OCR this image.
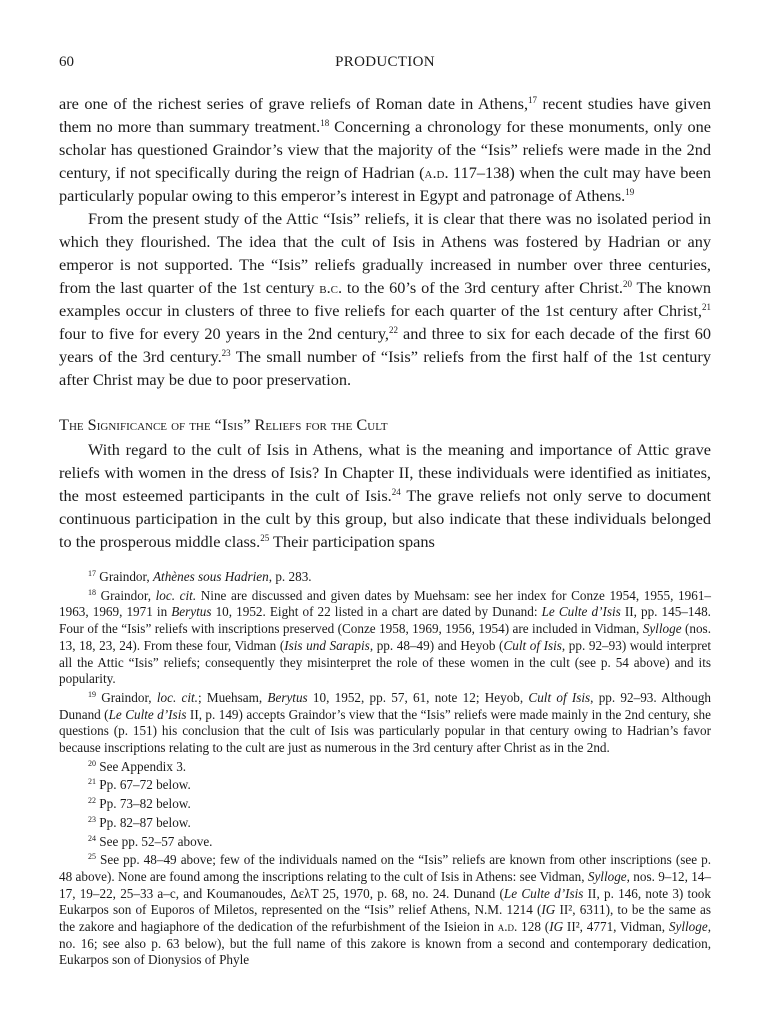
60	PRODUCTION

are one of the richest series of grave reliefs of Roman date in Athens,$^{17}$ recent studies have given them no more than summary treatment.$^{18}$ Concerning a chronology for these monuments, only one scholar has questioned Graindor’s view that the majority of the “Isis” reliefs were made in the 2nd century, if not specifically during the reign of Hadrian (a.d. 117–138) when the cult may have been particularly popular owing to this emperor’s interest in Egypt and patronage of Athens.$^{19}$

From the present study of the Attic “Isis” reliefs, it is clear that there was no isolated period in which they flourished. The idea that the cult of Isis in Athens was fostered by Hadrian or any emperor is not supported. The “Isis” reliefs gradually increased in number over three centuries, from the last quarter of the 1st century b.c. to the 60’s of the 3rd century after Christ.$^{20}$ The known examples occur in clusters of three to five reliefs for each quarter of the 1st century after Christ,$^{21}$ four to five for every 20 years in the 2nd century,$^{22}$ and three to six for each decade of the first 60 years of the 3rd century.$^{23}$ The small number of “Isis” reliefs from the first half of the 1st century after Christ may be due to poor preservation.

The Significance of the “Isis” Reliefs for the Cult

With regard to the cult of Isis in Athens, what is the meaning and importance of Attic grave reliefs with women in the dress of Isis? In Chapter II, these individuals were identified as initiates, the most esteemed participants in the cult of Isis.$^{24}$ The grave reliefs not only serve to document continuous participation in the cult by this group, but also indicate that these individuals belonged to the prosperous middle class.$^{25}$ Their participation spans

$^{17}$ Graindor, Athènes sous Hadrien, p. 283.

$^{18}$ Graindor, loc. cit. Nine are discussed and given dates by Muehsam: see her index for Conze 1954, 1955, 1961–1963, 1969, 1971 in Berytus 10, 1952. Eight of 22 listed in a chart are dated by Dunand: Le Culte d’Isis II, pp. 145–148. Four of the “Isis” reliefs with inscriptions preserved (Conze 1958, 1969, 1956, 1954) are included in Vidman, Sylloge (nos. 13, 18, 23, 24). From these four, Vidman (Isis und Sarapis, pp. 48–49) and Heyob (Cult of Isis, pp. 92–93) would interpret all the Attic “Isis” reliefs; consequently they misinterpret the role of these women in the cult (see p. 54 above) and its popularity.

$^{19}$ Graindor, loc. cit.; Muehsam, Berytus 10, 1952, pp. 57, 61, note 12; Heyob, Cult of Isis, pp. 92–93. Although Dunand (Le Culte d’Isis II, p. 149) accepts Graindor’s view that the “Isis” reliefs were made mainly in the 2nd century, she questions (p. 151) his conclusion that the cult of Isis was particularly popular in that century owing to Hadrian’s favor because inscriptions relating to the cult are just as numerous in the 3rd century after Christ as in the 2nd.

$^{20}$ See Appendix 3.

$^{21}$ Pp. 67–72 below.

$^{22}$ Pp. 73–82 below.

$^{23}$ Pp. 82–87 below.

$^{24}$ See pp. 52–57 above.

$^{25}$ See pp. 48–49 above; few of the individuals named on the “Isis” reliefs are known from other inscriptions (see p. 48 above). None are found among the inscriptions relating to the cult of Isis in Athens: see Vidman, Sylloge, nos. 9–12, 14–17, 19–22, 25–33 a–c, and Koumanoudes, ΔελΤ 25, 1970, p. 68, no. 24. Dunand (Le Culte d’Isis II, p. 146, note 3) took Eukarpos son of Euporos of Miletos, represented on the “Isis” relief Athens, N.M. 1214 (IG II², 6311), to be the same as the zakore and hagiaphore of the dedication of the refurbishment of the Isieion in a.d. 128 (IG II², 4771, Vidman, Sylloge, no. 16; see also p. 63 below), but the full name of this zakore is known from a second and contemporary dedication, Eukarpos son of Dionysios of Phyle
